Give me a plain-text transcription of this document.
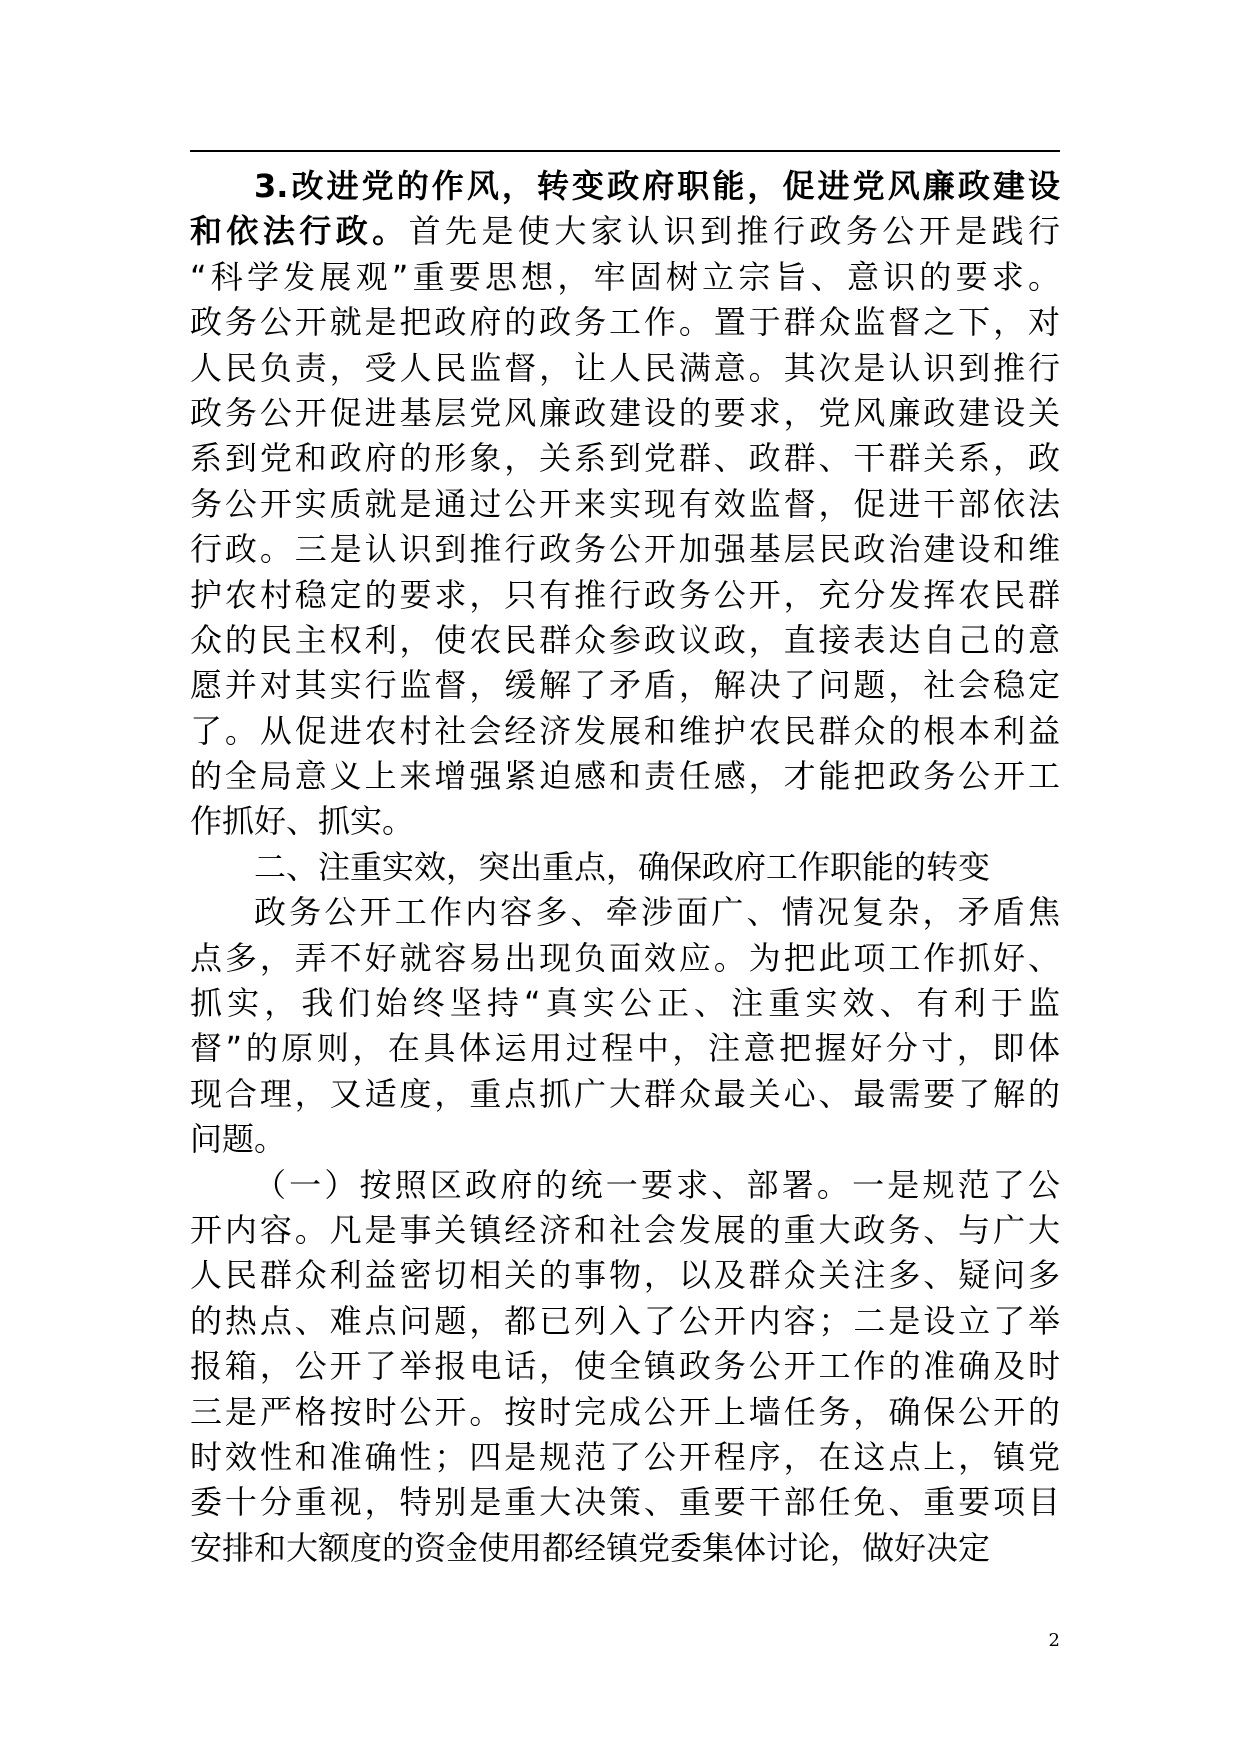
3.改进党的作风，转变政府职能，促进党风廉政建设
和依法行政。首先是使大家认识到推行政务公开是践行
“科学发展观”重要思想，牢固树立宗旨、意识的要求。
政务公开就是把政府的政务工作。置于群众监督之下，对
人民负责，受人民监督，让人民满意。其次是认识到推行
政务公开促进基层党风廉政建设的要求，党风廉政建设关
系到党和政府的形象，关系到党群、政群、干群关系，政
务公开实质就是通过公开来实现有效监督，促进干部依法
行政。三是认识到推行政务公开加强基层民政治建设和维
护农村稳定的要求，只有推行政务公开，充分发挥农民群
众的民主权利，使农民群众参政议政，直接表达自己的意
愿并对其实行监督，缓解了矛盾，解决了问题，社会稳定
了。从促进农村社会经济发展和维护农民群众的根本利益
的全局意义上来增强紧迫感和责任感，才能把政务公开工
作抓好、抓实。
二、注重实效，突出重点，确保政府工作职能的转变
政务公开工作内容多、牵涉面广、情况复杂，矛盾焦
点多，弄不好就容易出现负面效应。为把此项工作抓好、
抓实，我们始终坚持“真实公正、注重实效、有利于监
督”的原则，在具体运用过程中，注意把握好分寸，即体
现合理，又适度，重点抓广大群众最关心、最需要了解的
问题。
（一）按照区政府的统一要求、部署。一是规范了公
开内容。凡是事关镇经济和社会发展的重大政务、与广大
人民群众利益密切相关的事物，以及群众关注多、疑问多
的热点、难点问题，都已列入了公开内容；二是设立了举
报箱，公开了举报电话，使全镇政务公开工作的准确及时
三是严格按时公开。按时完成公开上墙任务，确保公开的
时效性和准确性；四是规范了公开程序，在这点上，镇党
委十分重视，特别是重大决策、重要干部任免、重要项目
安排和大额度的资金使用都经镇党委集体讨论，做好决定
2
